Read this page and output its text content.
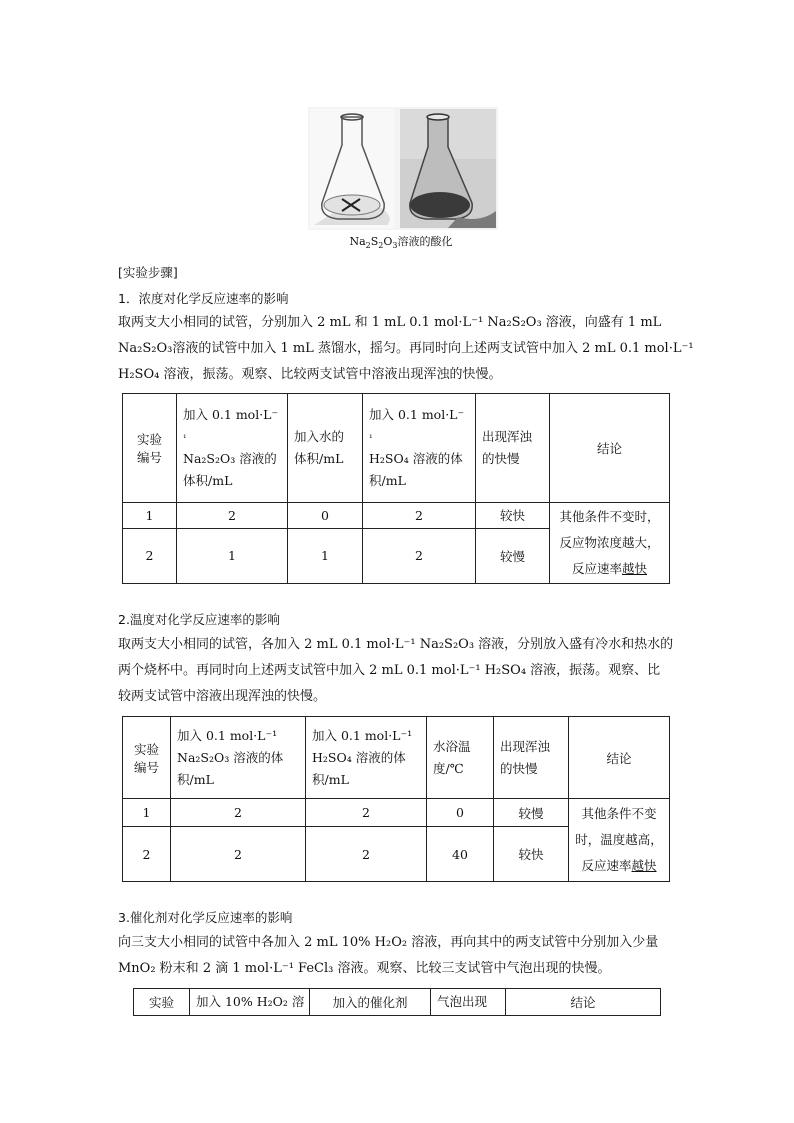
$Na_2S_2O_3$溶液的酸化
[实验步骤]
1．浓度对化学反应速率的影响
取两支大小相同的试管，分别加入 2 mL 和 1 mL 0.1 mol·L⁻¹ Na₂S₂O₃ 溶液，向盛有 1 mL
Na₂S₂O₃溶液的试管中加入 1 mL 蒸馏水，摇匀。再同时向上述两支试管中加入 2 mL 0.1 mol·L⁻¹
H₂SO₄ 溶液，振荡。观察、比较两支试管中溶液出现浑浊的快慢。
实验
编号	加入 0.1 mol·L⁻
¹
Na₂S₂O₃ 溶液的
体积/mL	加入水的
体积/mL	加入 0.1 mol·L⁻
¹
H₂SO₄ 溶液的体
积/mL	出现浑浊
的快慢	结论
1	2	0	2	较快	其他条件不变时，
反应物浓度越大，
反应速率越快
2	1	1	2	较慢	
2.温度对化学反应速率的影响
取两支大小相同的试管，各加入 2 mL 0.1 mol·L⁻¹ Na₂S₂O₃ 溶液，分别放入盛有冷水和热水的
两个烧杯中。再同时向上述两支试管中加入 2 mL 0.1 mol·L⁻¹ H₂SO₄ 溶液，振荡。观察、比
较两支试管中溶液出现浑浊的快慢。
实验
编号	加入 0.1 mol·L⁻¹
Na₂S₂O₃ 溶液的体
积/mL	加入 0.1 mol·L⁻¹
H₂SO₄ 溶液的体
积/mL	水浴温
度/℃	出现浑浊
的快慢	结论
1	2	2	0	较慢	其他条件不变
时，温度越高，
反应速率越快
2	2	2	40	较快	
3.催化剂对化学反应速率的影响
向三支大小相同的试管中各加入 2 mL 10% H₂O₂ 溶液，再向其中的两支试管中分别加入少量
MnO₂ 粉末和 2 滴 1 mol·L⁻¹ FeCl₃ 溶液。观察、比较三支试管中气泡出现的快慢。
实验	加入 10% H₂O₂ 溶	加入的催化剂	气泡出现	结论
